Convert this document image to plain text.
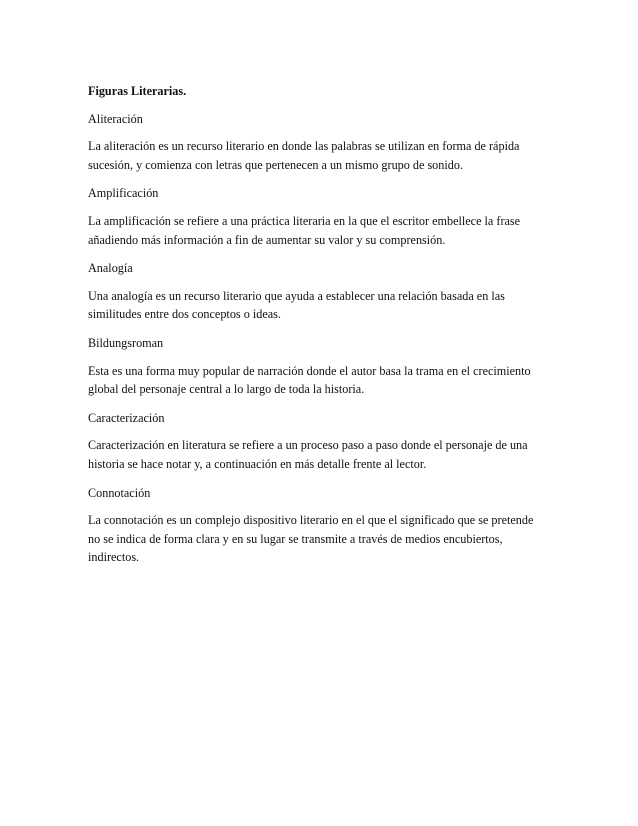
Figuras Literarias.
Aliteración
La aliteración es un recurso literario en donde las palabras se utilizan en forma de rápida
sucesión, y comienza con letras que pertenecen a un mismo grupo de sonido.
Amplificación
La amplificación se refiere a una práctica literaria en la que el escritor embellece la frase
añadiendo más información a fin de aumentar su valor y su comprensión.
Analogía
Una analogía es un recurso literario que ayuda a establecer una relación basada en las
similitudes entre dos conceptos o ideas.
Bildungsroman
Esta es una forma muy popular de narración donde el autor basa la trama en el crecimiento
global del personaje central a lo largo de toda la historia.
Caracterización
Caracterización en literatura se refiere a un proceso paso a paso donde el personaje de una
historia se hace notar y, a continuación en más detalle frente al lector.
Connotación
La connotación es un complejo dispositivo literario en el que el significado que se pretende
no se indica de forma clara y en su lugar se transmite a través de medios encubiertos,
indirectos.
